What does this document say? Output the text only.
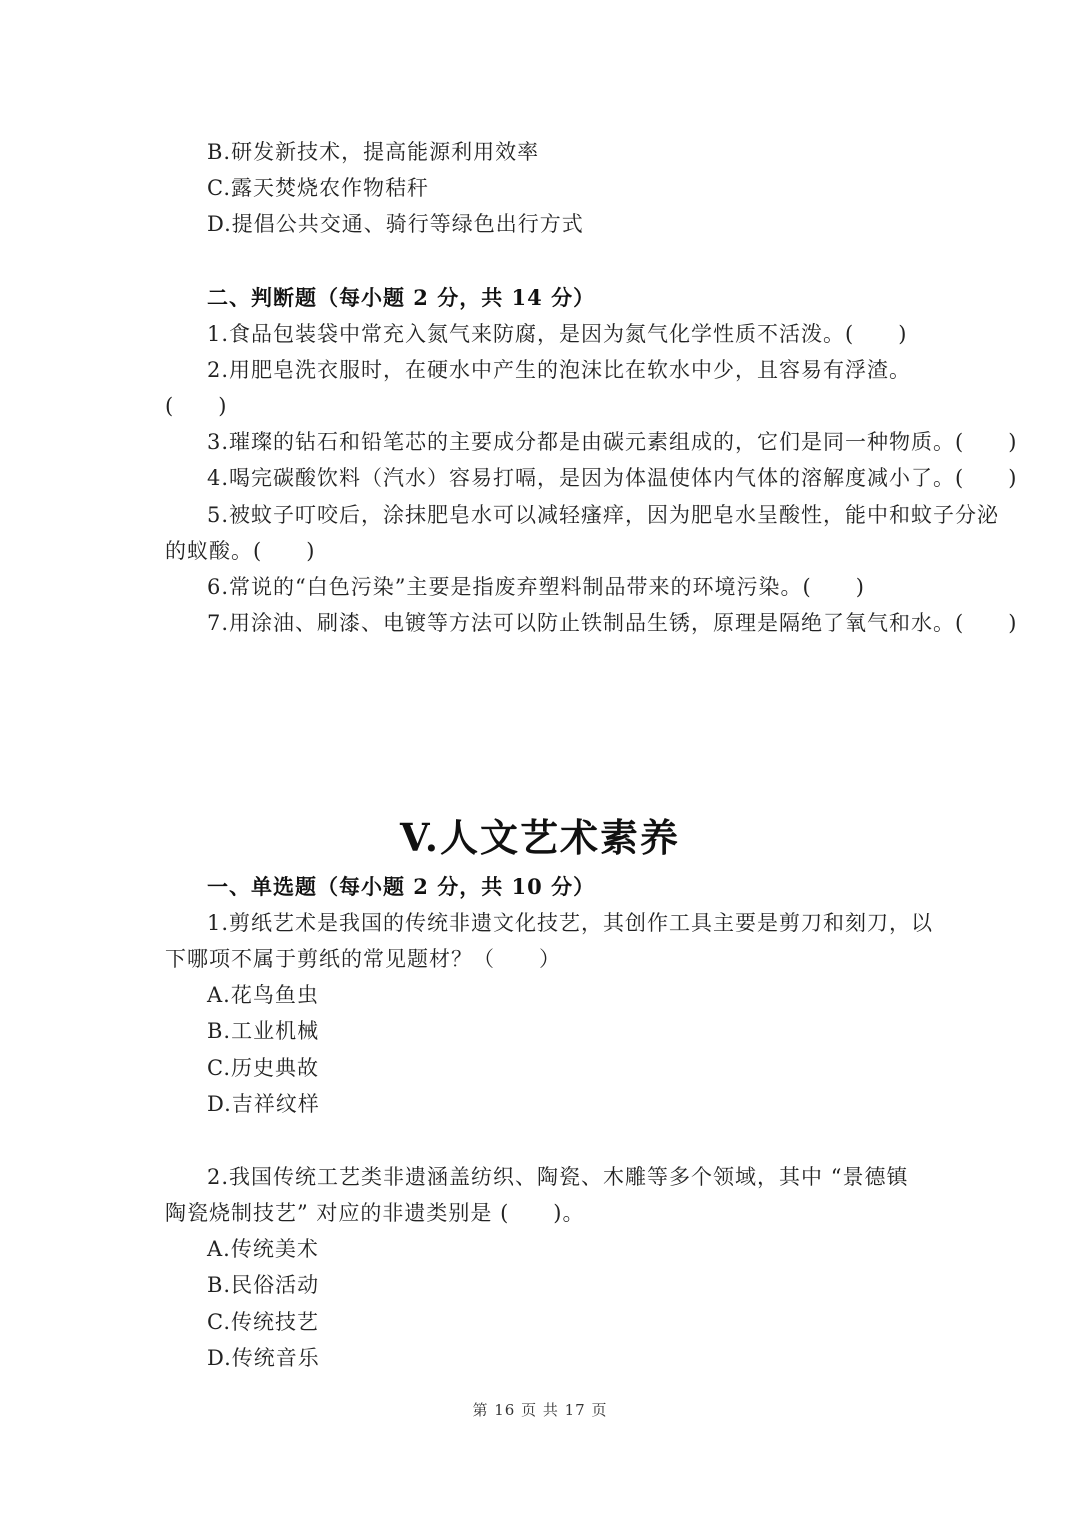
B.研发新技术，提高能源利用效率
C.露天焚烧农作物秸秆
D.提倡公共交通、骑行等绿色出行方式
二、判断题（每小题 2 分，共 14 分）
1.食品包装袋中常充入氮气来防腐，是因为氮气化学性质不活泼。(　　)
2.用肥皂洗衣服时，在硬水中产生的泡沫比在软水中少，且容易有浮渣。
(　　)
3.璀璨的钻石和铅笔芯的主要成分都是由碳元素组成的，它们是同一种物质。(　　)
4.喝完碳酸饮料（汽水）容易打嗝，是因为体温使体内气体的溶解度减小了。(　　)
5.被蚊子叮咬后，涂抹肥皂水可以减轻瘙痒，因为肥皂水呈酸性，能中和蚊子分泌
的蚁酸。(　　)
6.常说的“白色污染”主要是指废弃塑料制品带来的环境污染。(　　)
7.用涂油、刷漆、电镀等方法可以防止铁制品生锈，原理是隔绝了氧气和水。(　　)
V.人文艺术素养
一、单选题（每小题 2 分，共 10 分）
1.剪纸艺术是我国的传统非遗文化技艺，其创作工具主要是剪刀和刻刀，以
下哪项不属于剪纸的常见题材？（　　）
A.花鸟鱼虫
B.工业机械
C.历史典故
D.吉祥纹样
2.我国传统工艺类非遗涵盖纺织、陶瓷、木雕等多个领域，其中 “景德镇
陶瓷烧制技艺” 对应的非遗类别是 (　　)。
A.传统美术
B.民俗活动
C.传统技艺
D.传统音乐
第 16 页 共 17 页
